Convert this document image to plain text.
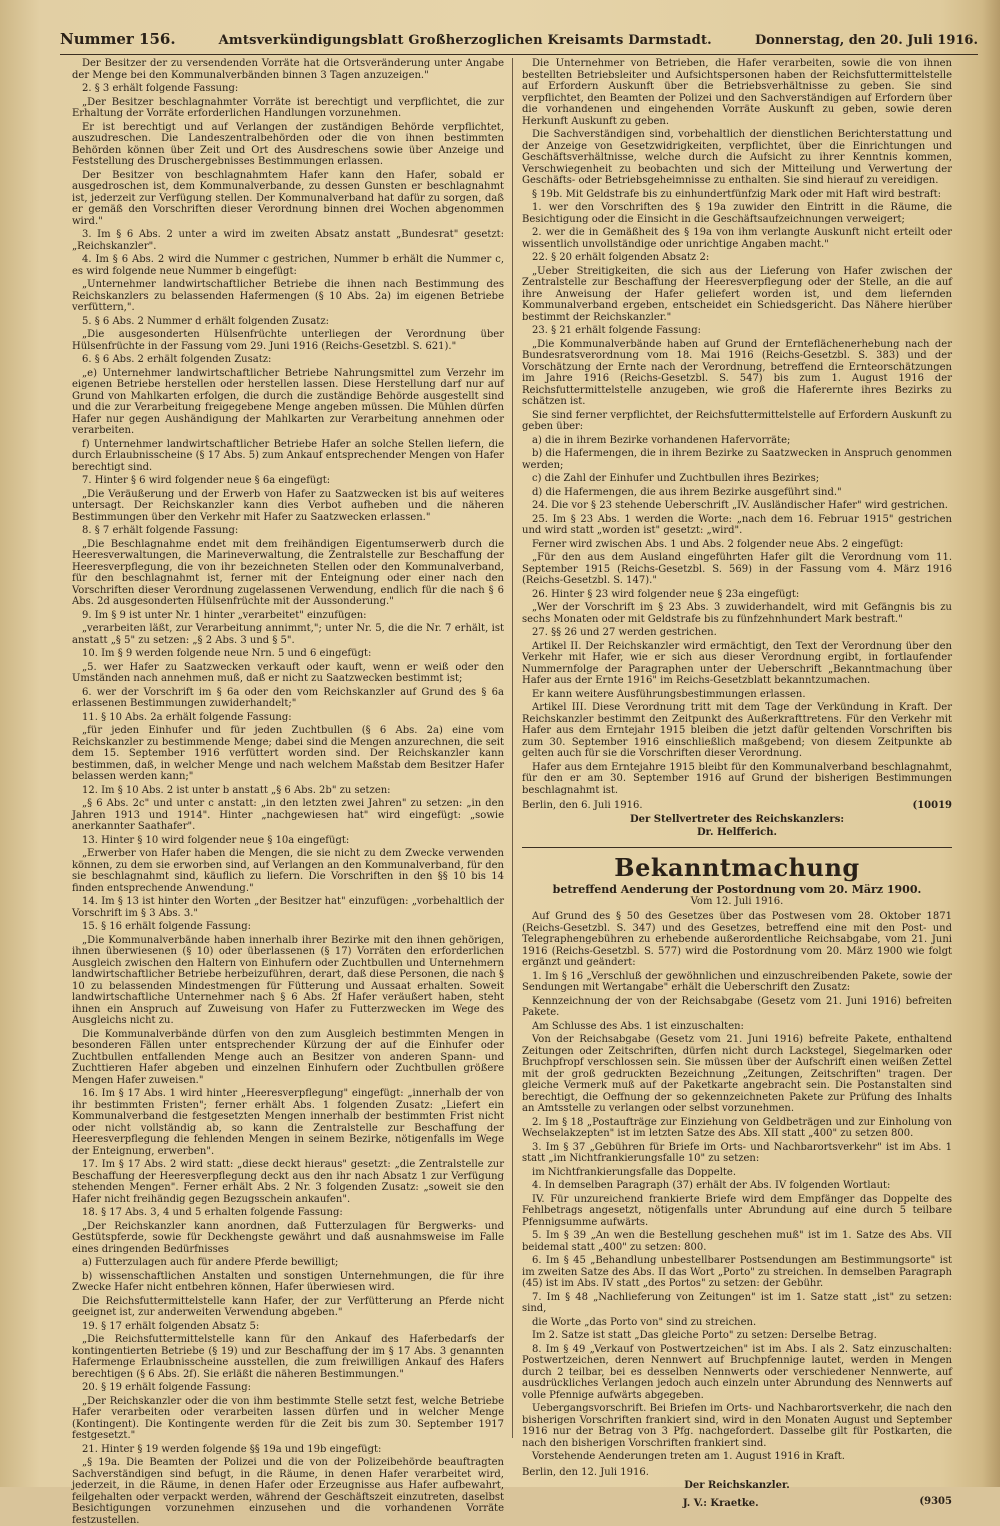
Nummer 156.	Amtsverkündigungsblatt Großherzoglichen Kreisamts Darmstadt.	Donnerstag, den 20. Juli 1916.

Der Besitzer der zu versendenden Vorräte hat die Ortsveränderung unter Angabe der Menge bei den Kommunalverbänden binnen 3 Tagen anzuzeigen."

2. § 3 erhält folgende Fassung:

„Der Besitzer beschlagnahmter Vorräte ist berechtigt und verpflichtet, die zur Erhaltung der Vorräte erforderlichen Handlungen vorzunehmen.

Er ist berechtigt und auf Verlangen der zuständigen Behörde verpflichtet, auszudreschen. Die Landeszentralbehörden oder die von ihnen bestimmten Behörden können über Zeit und Ort des Ausdreschens sowie über Anzeige und Feststellung des Druschergebnisses Bestimmungen erlassen.

Der Besitzer von beschlagnahmtem Hafer kann den Hafer, sobald er ausgedroschen ist, dem Kommunalverbande, zu dessen Gunsten er beschlagnahmt ist, jederzeit zur Verfügung stellen. Der Kommunalverband hat dafür zu sorgen, daß er gemäß den Vorschriften dieser Verordnung binnen drei Wochen abgenommen wird."

3. Im § 6 Abs. 2 unter a wird im zweiten Absatz anstatt „Bundesrat" gesetzt: „Reichskanzler".

4. Im § 6 Abs. 2 wird die Nummer c gestrichen, Nummer b erhält die Nummer c, es wird folgende neue Nummer b eingefügt:

„Unternehmer landwirtschaftlicher Betriebe die ihnen nach Bestimmung des Reichskanzlers zu belassenden Hafermengen (§ 10 Abs. 2a) im eigenen Betriebe verfüttern,".

5. § 6 Abs. 2 Nummer d erhält folgenden Zusatz:

„Die ausgesonderten Hülsenfrüchte unterliegen der Verordnung über Hülsenfrüchte in der Fassung vom 29. Juni 1916 (Reichs-Gesetzbl. S. 621)."

6. § 6 Abs. 2 erhält folgenden Zusatz:

„e) Unternehmer landwirtschaftlicher Betriebe Nahrungsmittel zum Verzehr im eigenen Betriebe herstellen oder herstellen lassen. Diese Herstellung darf nur auf Grund von Mahlkarten erfolgen, die durch die zuständige Behörde ausgestellt sind und die zur Verarbeitung freigegebene Menge angeben müssen. Die Mühlen dürfen Hafer nur gegen Aushändigung der Mahlkarten zur Verarbeitung annehmen oder verarbeiten.

f) Unternehmer landwirtschaftlicher Betriebe Hafer an solche Stellen liefern, die durch Erlaubnisscheine (§ 17 Abs. 5) zum Ankauf entsprechender Mengen von Hafer berechtigt sind.

7. Hinter § 6 wird folgender neue § 6a eingefügt:

„Die Veräußerung und der Erwerb von Hafer zu Saatzwecken ist bis auf weiteres untersagt. Der Reichskanzler kann dies Verbot aufheben und die näheren Bestimmungen über den Verkehr mit Hafer zu Saatzwecken erlassen."

8. § 7 erhält folgende Fassung:

„Die Beschlagnahme endet mit dem freihändigen Eigentumserwerb durch die Heeresverwaltungen, die Marineverwaltung, die Zentralstelle zur Beschaffung der Heeresverpflegung, die von ihr bezeichneten Stellen oder den Kommunalverband, für den beschlagnahmt ist, ferner mit der Enteignung oder einer nach den Vorschriften dieser Verordnung zugelassenen Verwendung, endlich für die nach § 6 Abs. 2d ausgesonderten Hülsenfrüchte mit der Aussonderung."

9. Im § 9 ist unter Nr. 1 hinter „verarbeitet" einzufügen:

„verarbeiten läßt, zur Verarbeitung annimmt,"; unter Nr. 5, die die Nr. 7 erhält, ist anstatt „§ 5" zu setzen: „§ 2 Abs. 3 und § 5".

10. Im § 9 werden folgende neue Nrn. 5 und 6 eingefügt:

„5. wer Hafer zu Saatzwecken verkauft oder kauft, wenn er weiß oder den Umständen nach annehmen muß, daß er nicht zu Saatzwecken bestimmt ist;

6. wer der Vorschrift im § 6a oder den vom Reichskanzler auf Grund des § 6a erlassenen Bestimmungen zuwiderhandelt;"

11. § 10 Abs. 2a erhält folgende Fassung:

„für jeden Einhufer und für jeden Zuchtbullen (§ 6 Abs. 2a) eine vom Reichskanzler zu bestimmende Menge; dabei sind die Mengen anzurechnen, die seit dem 15. September 1916 verfüttert worden sind. Der Reichskanzler kann bestimmen, daß, in welcher Menge und nach welchem Maßstab dem Besitzer Hafer belassen werden kann;"

12. Im § 10 Abs. 2 ist unter b anstatt „§ 6 Abs. 2b" zu setzen:

„§ 6 Abs. 2c" und unter c anstatt: „in den letzten zwei Jahren" zu setzen: „in den Jahren 1913 und 1914". Hinter „nachgewiesen hat" wird eingefügt: „sowie anerkannter Saathafer".

13. Hinter § 10 wird folgender neue § 10a eingefügt:

„Erwerber von Hafer haben die Mengen, die sie nicht zu dem Zwecke verwenden können, zu dem sie erworben sind, auf Verlangen an den Kommunalverband, für den sie beschlagnahmt sind, käuflich zu liefern. Die Vorschriften in den §§ 10 bis 14 finden entsprechende Anwendung."

14. Im § 13 ist hinter den Worten „der Besitzer hat" einzufügen: „vorbehaltlich der Vorschrift im § 3 Abs. 3."

15. § 16 erhält folgende Fassung:

„Die Kommunalverbände haben innerhalb ihrer Bezirke mit den ihnen gehörigen, ihnen überwiesenen (§ 10) oder überlassenen (§ 17) Vorräten den erforderlichen Ausgleich zwischen den Haltern von Einhufern oder Zuchtbullen und Unternehmern landwirtschaftlicher Betriebe herbeizuführen, derart, daß diese Personen, die nach § 10 zu belassenden Mindestmengen für Fütterung und Aussaat erhalten. Soweit landwirtschaftliche Unternehmer nach § 6 Abs. 2f Hafer veräußert haben, steht ihnen ein Anspruch auf Zuweisung von Hafer zu Futterzwecken im Wege des Ausgleichs nicht zu.

Die Kommunalverbände dürfen von den zum Ausgleich bestimmten Mengen in besonderen Fällen unter entsprechender Kürzung der auf die Einhufer oder Zuchtbullen entfallenden Menge auch an Besitzer von anderen Spann- und Zuchttieren Hafer abgeben und einzelnen Einhufern oder Zuchtbullen größere Mengen Hafer zuweisen."

16. Im § 17 Abs. 1 wird hinter „Heeresverpflegung" eingefügt: „innerhalb der von ihr bestimmten Fristen"; ferner erhält Abs. 1 folgenden Zusatz: „Liefert ein Kommunalverband die festgesetzten Mengen innerhalb der bestimmten Frist nicht oder nicht vollständig ab, so kann die Zentralstelle zur Beschaffung der Heeresverpflegung die fehlenden Mengen in seinem Bezirke, nötigenfalls im Wege der Enteignung, erwerben".

17. Im § 17 Abs. 2 wird statt: „diese deckt hieraus" gesetzt: „die Zentralstelle zur Beschaffung der Heeresverpflegung deckt aus den ihr nach Absatz 1 zur Verfügung stehenden Mengen". Ferner erhält Abs. 2 Nr. 3 folgenden Zusatz: „soweit sie den Hafer nicht freihändig gegen Bezugsschein ankaufen".

18. § 17 Abs. 3, 4 und 5 erhalten folgende Fassung:

„Der Reichskanzler kann anordnen, daß Futterzulagen für Bergwerks- und Gestütspferde, sowie für Deckhengste gewährt und daß ausnahmsweise im Falle eines dringenden Bedürfnisses

a) Futterzulagen auch für andere Pferde bewilligt;

b) wissenschaftlichen Anstalten und sonstigen Unternehmungen, die für ihre Zwecke Hafer nicht entbehren können, Hafer überwiesen wird.

Die Reichsfuttermittelstelle kann Hafer, der zur Verfütterung an Pferde nicht geeignet ist, zur anderweiten Verwendung abgeben."

19. § 17 erhält folgenden Absatz 5:

„Die Reichsfuttermittelstelle kann für den Ankauf des Haferbedarfs der kontingentierten Betriebe (§ 19) und zur Beschaffung der im § 17 Abs. 3 genannten Hafermenge Erlaubnisscheine ausstellen, die zum freiwilligen Ankauf des Hafers berechtigen (§ 6 Abs. 2f). Sie erläßt die näheren Bestimmungen."

20. § 19 erhält folgende Fassung:

„Der Reichskanzler oder die von ihm bestimmte Stelle setzt fest, welche Betriebe Hafer verarbeiten oder verarbeiten lassen dürfen und in welcher Menge (Kontingent). Die Kontingente werden für die Zeit bis zum 30. September 1917 festgesetzt."

21. Hinter § 19 werden folgende §§ 19a und 19b eingefügt:

„§ 19a. Die Beamten der Polizei und die von der Polizeibehörde beauftragten Sachverständigen sind befugt, in die Räume, in denen Hafer verarbeitet wird, jederzeit, in die Räume, in denen Hafer oder Erzeugnisse aus Hafer aufbewahrt, feilgehalten oder verpackt werden, während der Geschäftszeit einzutreten, daselbst Besichtigungen vorzunehmen einzusehen und die vorhandenen Vorräte festzustellen.

Die Unternehmer von Betrieben, die Hafer verarbeiten, sowie die von ihnen bestellten Betriebsleiter und Aufsichtspersonen haben der Reichsfuttermittelstelle auf Erfordern Auskunft über die Betriebsverhältnisse zu geben. Sie sind verpflichtet, den Beamten der Polizei und den Sachverständigen auf Erfordern über die vorhandenen und eingehenden Vorräte Auskunft zu geben, sowie deren Herkunft Auskunft zu geben.

Die Sachverständigen sind, vorbehaltlich der dienstlichen Berichterstattung und der Anzeige von Gesetzwidrigkeiten, verpflichtet, über die Einrichtungen und Geschäftsverhältnisse, welche durch die Aufsicht zu ihrer Kenntnis kommen, Verschwiegenheit zu beobachten und sich der Mitteilung und Verwertung der Geschäfts- oder Betriebsgeheimnisse zu enthalten. Sie sind hierauf zu vereidigen.

§ 19b. Mit Geldstrafe bis zu einhundertfünfzig Mark oder mit Haft wird bestraft:

1. wer den Vorschriften des § 19a zuwider den Eintritt in die Räume, die Besichtigung oder die Einsicht in die Geschäftsaufzeichnungen verweigert;

2. wer die in Gemäßheit des § 19a von ihm verlangte Auskunft nicht erteilt oder wissentlich unvollständige oder unrichtige Angaben macht."

22. § 20 erhält folgenden Absatz 2:

„Ueber Streitigkeiten, die sich aus der Lieferung von Hafer zwischen der Zentralstelle zur Beschaffung der Heeresverpflegung oder der Stelle, an die auf ihre Anweisung der Hafer geliefert worden ist, und dem liefernden Kommunalverband ergeben, entscheidet ein Schiedsgericht. Das Nähere hierüber bestimmt der Reichskanzler."

23. § 21 erhält folgende Fassung:

„Die Kommunalverbände haben auf Grund der Ernteflächenerhebung nach der Bundesratsverordnung vom 18. Mai 1916 (Reichs-Gesetzbl. S. 383) und der Vorschätzung der Ernte nach der Verordnung, betreffend die Ernteorschätzungen im Jahre 1916 (Reichs-Gesetzbl. S. 547) bis zum 1. August 1916 der Reichsfuttermittelstelle anzugeben, wie groß die Haferernte ihres Bezirks zu schätzen ist.

Sie sind ferner verpflichtet, der Reichsfuttermittelstelle auf Erfordern Auskunft zu geben über:

a) die in ihrem Bezirke vorhandenen Hafervorräte;

b) die Hafermengen, die in ihrem Bezirke zu Saatzwecken in Anspruch genommen werden;

c) die Zahl der Einhufer und Zuchtbullen ihres Bezirkes;

d) die Hafermengen, die aus ihrem Bezirke ausgeführt sind."

24. Die vor § 23 stehende Ueberschrift „IV. Ausländischer Hafer" wird gestrichen.

25. Im § 23 Abs. 1 werden die Worte: „nach dem 16. Februar 1915" gestrichen und wird statt „worden ist" gesetzt: „wird".

Ferner wird zwischen Abs. 1 und Abs. 2 folgender neue Abs. 2 eingefügt:

„Für den aus dem Ausland eingeführten Hafer gilt die Verordnung vom 11. September 1915 (Reichs-Gesetzbl. S. 569) in der Fassung vom 4. März 1916 (Reichs-Gesetzbl. S. 147)."

26. Hinter § 23 wird folgender neue § 23a eingefügt:

„Wer der Vorschrift im § 23 Abs. 3 zuwiderhandelt, wird mit Gefängnis bis zu sechs Monaten oder mit Geldstrafe bis zu fünfzehnhundert Mark bestraft."

27. §§ 26 und 27 werden gestrichen.

Artikel II. Der Reichskanzler wird ermächtigt, den Text der Verordnung über den Verkehr mit Hafer, wie er sich aus dieser Verordnung ergibt, in fortlaufender Nummernfolge der Paragraphen unter der Ueberschrift „Bekanntmachung über Hafer aus der Ernte 1916" im Reichs-Gesetzblatt bekanntzumachen.

Er kann weitere Ausführungsbestimmungen erlassen.

Artikel III. Diese Verordnung tritt mit dem Tage der Verkündung in Kraft. Der Reichskanzler bestimmt den Zeitpunkt des Außerkrafttretens. Für den Verkehr mit Hafer aus dem Erntejahr 1915 bleiben die jetzt dafür geltenden Vorschriften bis zum 30. September 1916 einschließlich maßgebend; von diesem Zeitpunkte ab gelten auch für sie die Vorschriften dieser Verordnung.

Hafer aus dem Erntejahre 1915 bleibt für den Kommunalverband beschlagnahmt, für den er am 30. September 1916 auf Grund der bisherigen Bestimmungen beschlagnahmt ist.

Berlin, den 6. Juli 1916.	(10019
Der Stellvertreter des Reichskanzlers:
Dr. Helfferich.
Bekanntmachung
betreffend Aenderung der Postordnung vom 20. März 1900.
Vom 12. Juli 1916.

Auf Grund des § 50 des Gesetzes über das Postwesen vom 28. Oktober 1871 (Reichs-Gesetzbl. S. 347) und des Gesetzes, betreffend eine mit den Post- und Telegraphengebühren zu erhebende außerordentliche Reichsabgabe, vom 21. Juni 1916 (Reichs-Gesetzbl. S. 577) wird die Postordnung vom 20. März 1900 wie folgt ergänzt und geändert:

1. Im § 16 „Verschluß der gewöhnlichen und einzuschreibenden Pakete, sowie der Sendungen mit Wertangabe" erhält die Ueberschrift den Zusatz:

Kennzeichnung der von der Reichsabgabe (Gesetz vom 21. Juni 1916) befreiten Pakete.

Am Schlusse des Abs. 1 ist einzuschalten:

Von der Reichsabgabe (Gesetz vom 21. Juni 1916) befreite Pakete, enthaltend Zeitungen oder Zeitschriften, dürfen nicht durch Lackstegel, Siegelmarken oder Bruchpfropf verschlossen sein. Sie müssen über der Aufschrift einen weißen Zettel mit der groß gedruckten Bezeichnung „Zeitungen, Zeitschriften" tragen. Der gleiche Vermerk muß auf der Paketkarte angebracht sein. Die Postanstalten sind berechtigt, die Oeffnung der so gekennzeichneten Pakete zur Prüfung des Inhalts an Amtsstelle zu verlangen oder selbst vorzunehmen.

2. Im § 18 „Postaufträge zur Einziehung von Geldbeträgen und zur Einholung von Wechselakzepten" ist im letzten Satze des Abs. XII statt „400" zu setzen 800.

3. Im § 37 „Gebühren für Briefe im Orts- und Nachbarortsverkehr" ist im Abs. 1 statt „im Nichtfrankierungsfalle 10" zu setzen:

im Nichtfrankierungsfalle das Doppelte.

4. In demselben Paragraph (37) erhält der Abs. IV folgenden Wortlaut:

IV. Für unzureichend frankierte Briefe wird dem Empfänger das Doppelte des Fehlbetrags angesetzt, nötigenfalls unter Abrundung auf eine durch 5 teilbare Pfennigsumme aufwärts.

5. Im § 39 „An wen die Bestellung geschehen muß" ist im 1. Satze des Abs. VII beidemal statt „400" zu setzen: 800.

6. Im § 45 „Behandlung unbestellbarer Postsendungen am Bestimmungsorte" ist im zweiten Satze des Abs. II das Wort „Porto" zu streichen. In demselben Paragraph (45) ist im Abs. IV statt „des Portos" zu setzen: der Gebühr.

7. Im § 48 „Nachlieferung von Zeitungen" ist im 1. Satze statt „ist" zu setzen: sind,

die Worte „das Porto von" sind zu streichen.

Im 2. Satze ist statt „Das gleiche Porto" zu setzen: Derselbe Betrag.

8. Im § 49 „Verkauf von Postwertzeichen" ist im Abs. I als 2. Satz einzuschalten: Postwertzeichen, deren Nennwert auf Bruchpfennige lautet, werden in Mengen durch 2 teilbar, bei es desselben Nennwerts oder verschiedener Nennwerte, auf ausdrückliches Verlangen jedoch auch einzeln unter Abrundung des Nennwerts auf volle Pfennige aufwärts abgegeben.

Uebergangsvorschrift. Bei Briefen im Orts- und Nachbarortsverkehr, die nach den bisherigen Vorschriften frankiert sind, wird in den Monaten August und September 1916 nur der Betrag von 3 Pfg. nachgefordert. Dasselbe gilt für Postkarten, die nach den bisherigen Vorschriften frankiert sind.

Vorstehende Aenderungen treten am 1. August 1916 in Kraft.

Berlin, den 12. Juli 1916.
Der Reichskanzler.
J. V.: Kraetke.	(9305
